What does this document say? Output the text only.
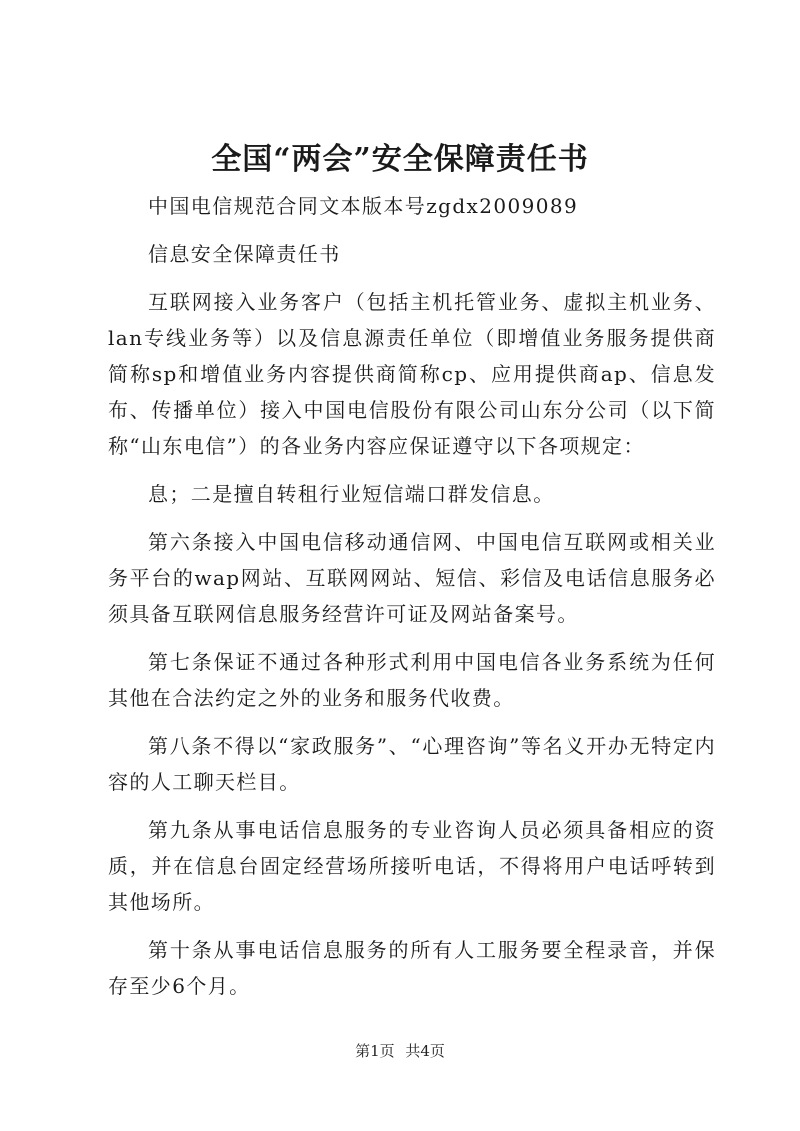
全国“两会”安全保障责任书

中国电信规范合同文本版本号zgdx2009089

信息安全保障责任书

互联网接入业务客户（包括主机托管业务、虚拟主机业务、lan专线业务等）以及信息源责任单位（即增值业务服务提供商简称sp和增值业务内容提供商简称cp、应用提供商ap、信息发布、传播单位）接入中国电信股份有限公司山东分公司（以下简称“山东电信”）的各业务内容应保证遵守以下各项规定：

息；二是擅自转租行业短信端口群发信息。

第六条接入中国电信移动通信网、中国电信互联网或相关业务平台的wap网站、互联网网站、短信、彩信及电话信息服务必须具备互联网信息服务经营许可证及网站备案号。

第七条保证不通过各种形式利用中国电信各业务系统为任何其他在合法约定之外的业务和服务代收费。

第八条不得以“家政服务”、“心理咨询”等名义开办无特定内容的人工聊天栏目。

第九条从事电话信息服务的专业咨询人员必须具备相应的资质，并在信息台固定经营场所接听电话，不得将用户电话呼转到其他场所。

第十条从事电话信息服务的所有人工服务要全程录音，并保存至少6个月。

第1页 共4页
